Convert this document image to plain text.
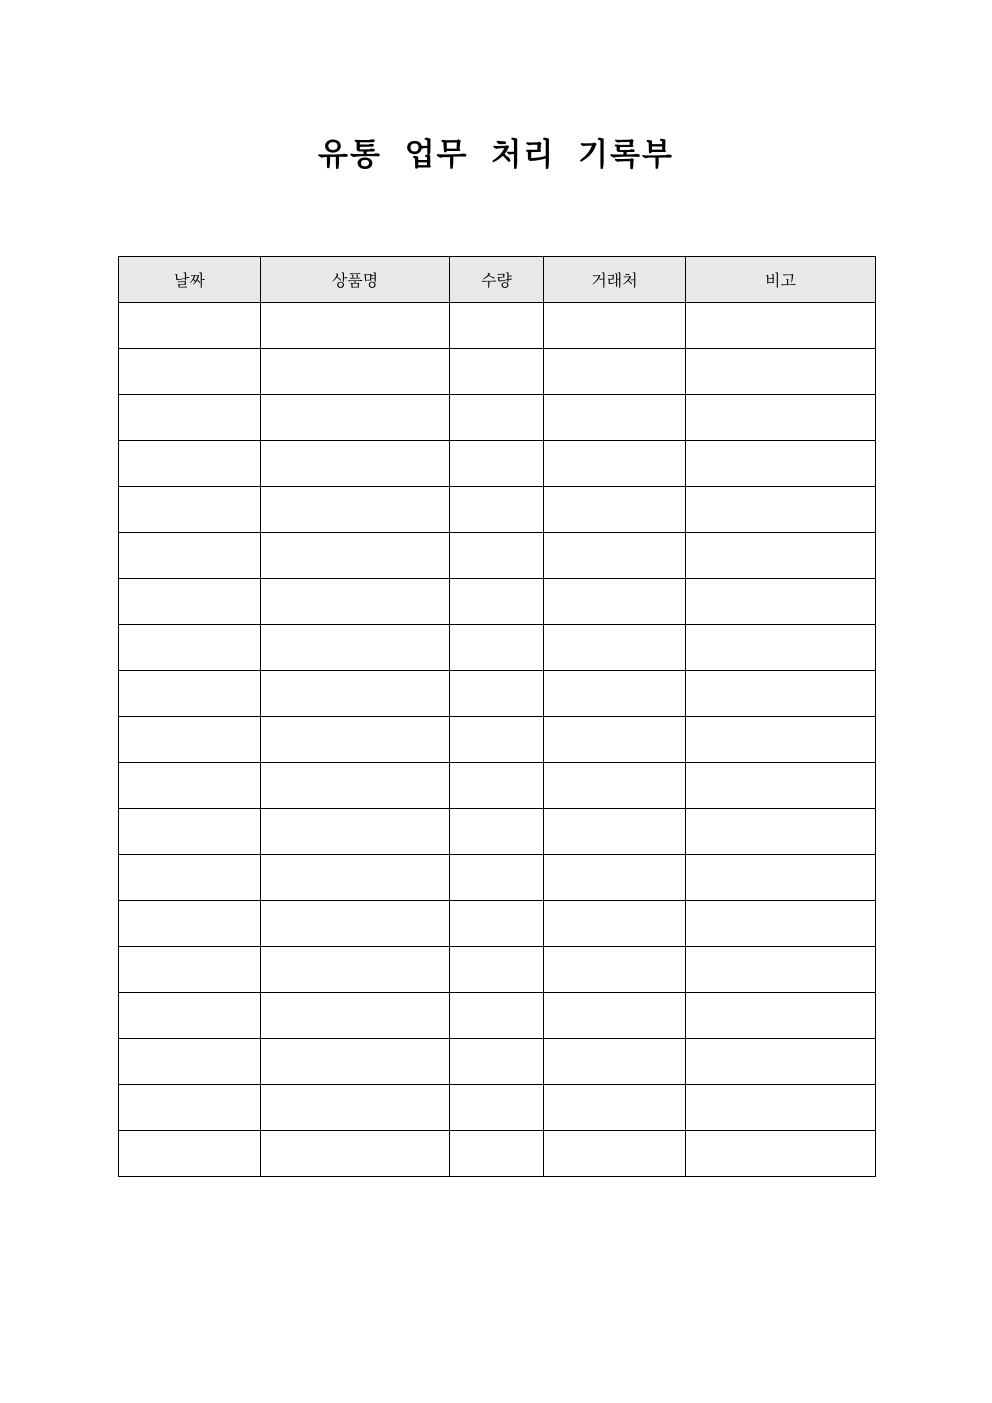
유통 업무 처리 기록부
날짜	상품명	수량	거래처	비고
